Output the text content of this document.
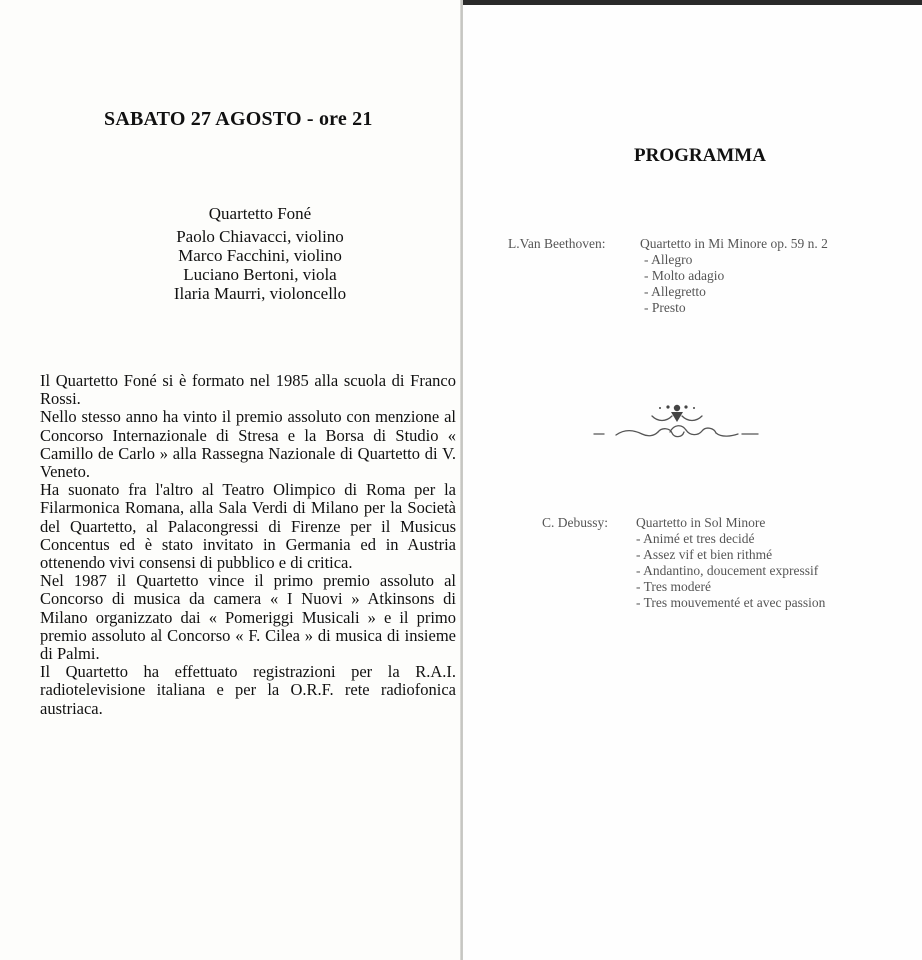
SABATO 27 AGOSTO - ore 21
Quartetto Foné
Paolo Chiavacci, violino
Marco Facchini, violino
Luciano Bertoni, viola
Ilaria Maurri, violoncello

Il Quartetto Foné si è formato nel 1985 alla scuola di Franco Rossi.

Nello stesso anno ha vinto il premio assoluto con menzione al Concorso Internazionale di Stresa e la Borsa di Studio « Camillo de Carlo » alla Rassegna Nazionale di Quartetto di V. Veneto.

Ha suonato fra l'altro al Teatro Olimpico di Roma per la Filarmonica Romana, alla Sala Verdi di Milano per la Società del Quartetto, al Palacongressi di Firenze per il Musicus Concentus ed è stato invitato in Germania ed in Austria ottenendo vivi consensi di pubblico e di critica.

Nel 1987 il Quartetto vince il primo premio assoluto al Concorso di musica da camera « I Nuovi » Atkinsons di Milano organizzato dai « Pomeriggi Musicali » e il primo premio assoluto al Concorso « F. Cilea » di musica di insieme di Palmi.

Il Quartetto ha effettuato registrazioni per la R.A.I. radiotelevisione italiana e per la O.R.F. rete radiofonica austriaca.

PROGRAMMA
L.Van Beethoven:	Quartetto in Mi Minore op. 59 n. 2
- Allegro
- Molto adagio
- Allegretto
- Presto
C. Debussy: Quartetto in Sol Minore
- Animé et tres decidé
- Assez vif et bien rithmé
- Andantino, doucement expressif
- Tres moderé
- Tres mouvementé et avec passion
